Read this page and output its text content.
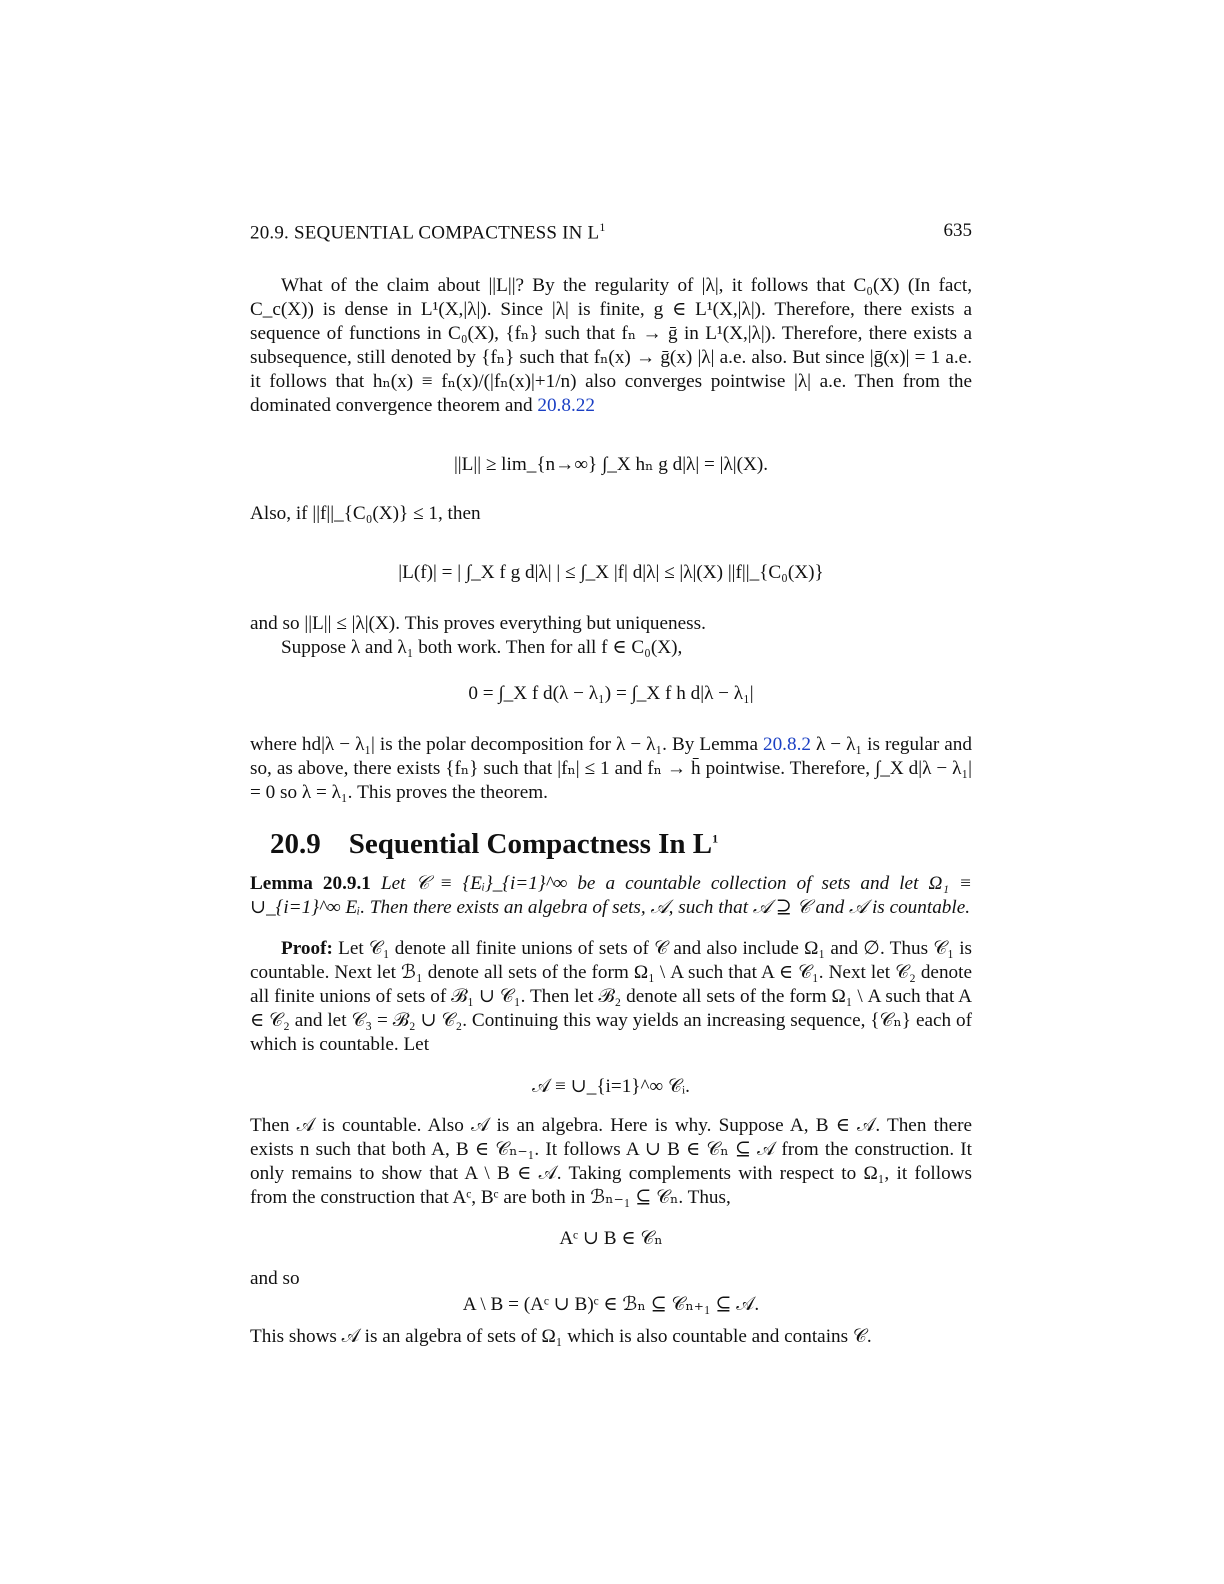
20.9. SEQUENTIAL COMPACTNESS IN $L^1$	635

What of the claim about ||L||? By the regularity of |λ|, it follows that C₀(X) (In fact, C_c(X)) is dense in L¹(X,|λ|). Since |λ| is finite, g ∈ L¹(X,|λ|). Therefore, there exists a sequence of functions in C₀(X), {fₙ} such that fₙ → ḡ in L¹(X,|λ|). Therefore, there exists a subsequence, still denoted by {fₙ} such that fₙ(x) → ḡ(x) |λ| a.e. also. But since |ḡ(x)| = 1 a.e. it follows that hₙ(x) ≡ fₙ(x)/(|fₙ(x)|+1/n) also converges pointwise |λ| a.e. Then from the dominated convergence theorem and 20.8.22

||L|| ≥ lim_{n→∞} ∫_X hₙ g d|λ| = |λ|(X).
Also, if ||f||_{C₀(X)} ≤ 1, then
|L(f)| = | ∫_X f g d|λ| | ≤ ∫_X |f| d|λ| ≤ |λ|(X) ||f||_{C₀(X)}

and so ||L|| ≤ |λ|(X). This proves everything but uniqueness.

Suppose λ and λ₁ both work. Then for all f ∈ C₀(X),

0 = ∫_X f d(λ − λ₁) = ∫_X f h d|λ − λ₁|

where hd|λ − λ₁| is the polar decomposition for λ − λ₁. By Lemma 20.8.2 λ − λ₁ is regular and so, as above, there exists {fₙ} such that |fₙ| ≤ 1 and fₙ → h̄ pointwise. Therefore, ∫_X d|λ − λ₁| = 0 so λ = λ₁. This proves the theorem.

20.9 Sequential Compactness In $L^1$
Lemma 20.9.1 Let 𝒞 ≡ {Eᵢ}_{i=1}^∞ be a countable collection of sets and let Ω₁ ≡ ∪_{i=1}^∞ Eᵢ. Then there exists an algebra of sets, 𝒜, such that 𝒜 ⊇ 𝒞 and 𝒜 is countable.

Proof: Let 𝒞₁ denote all finite unions of sets of 𝒞 and also include Ω₁ and ∅. Thus 𝒞₁ is countable. Next let ℬ₁ denote all sets of the form Ω₁ \ A such that A ∈ 𝒞₁. Next let 𝒞₂ denote all finite unions of sets of ℬ₁ ∪ 𝒞₁. Then let ℬ₂ denote all sets of the form Ω₁ \ A such that A ∈ 𝒞₂ and let 𝒞₃ = ℬ₂ ∪ 𝒞₂. Continuing this way yields an increasing sequence, {𝒞ₙ} each of which is countable. Let

𝒜 ≡ ∪_{i=1}^∞ 𝒞ᵢ.
Then 𝒜 is countable. Also 𝒜 is an algebra. Here is why. Suppose A, B ∈ 𝒜. Then there exists n such that both A, B ∈ 𝒞ₙ₋₁. It follows A ∪ B ∈ 𝒞ₙ ⊆ 𝒜 from the construction. It only remains to show that A \ B ∈ 𝒜. Taking complements with respect to Ω₁, it follows from the construction that Aᶜ, Bᶜ are both in ℬₙ₋₁ ⊆ 𝒞ₙ. Thus,
Aᶜ ∪ B ∈ 𝒞ₙ
and so
A \ B = (Aᶜ ∪ B)ᶜ ∈ ℬₙ ⊆ 𝒞ₙ₊₁ ⊆ 𝒜.
This shows 𝒜 is an algebra of sets of Ω₁ which is also countable and contains 𝒞.
